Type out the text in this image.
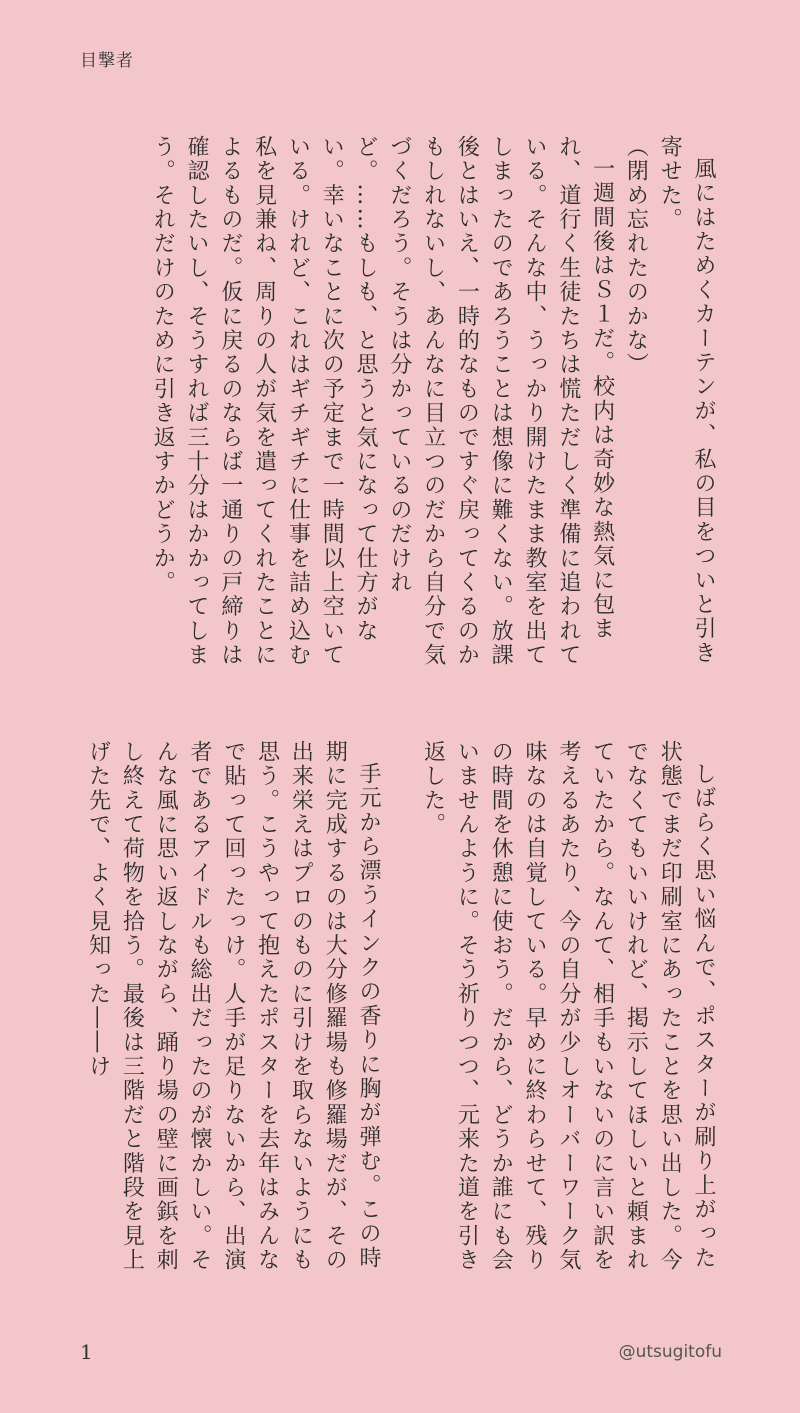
目撃者

風にはためくカーテンが、私の目をついと引き寄せた。

（閉め忘れたのかな）

一週間後はＳ１だ。校内は奇妙な熱気に包まれ、道行く生徒たちは慌ただしく準備に追われている。そんな中、うっかり開けたまま教室を出てしまったのであろうことは想像に難くない。放課後とはいえ、一時的なものですぐ戻ってくるのかもしれないし、あんなに目立つのだから自分で気づくだろう。そうは分かっているのだけれど。……もしも、と思うと気になって仕方がない。幸いなことに次の予定まで一時間以上空いている。けれど、これはギチギチに仕事を詰め込む私を見兼ね、周りの人が気を遣ってくれたことによるものだ。仮に戻るのならば一通りの戸締りは確認したいし、そうすれば三十分はかかってしまう。それだけのために引き返すかどうか。

しばらく思い悩んで、ポスターが刷り上がった状態でまだ印刷室にあったことを思い出した。今でなくてもいいけれど、掲示してほしいと頼まれていたから。なんて、相手もいないのに言い訳を考えるあたり、今の自分が少しオーバーワーク気味なのは自覚している。早めに終わらせて、残りの時間を休憩に使おう。だから、どうか誰にも会いませんように。そう祈りつつ、元来た道を引き返した。

手元から漂うインクの香りに胸が弾む。この時期に完成するのは大分修羅場も修羅場だが、その出来栄えはプロのものに引けを取らないようにも思う。こうやって抱えたポスターを去年はみんなで貼って回ったっけ。人手が足りないから、出演者であるアイドルも総出だったのが懐かしい。そんな風に思い返しながら、踊り場の壁に画鋲を刺し終えて荷物を拾う。最後は三階だと階段を見上げた先で、よく見知った――け

1	@utsugitofu
